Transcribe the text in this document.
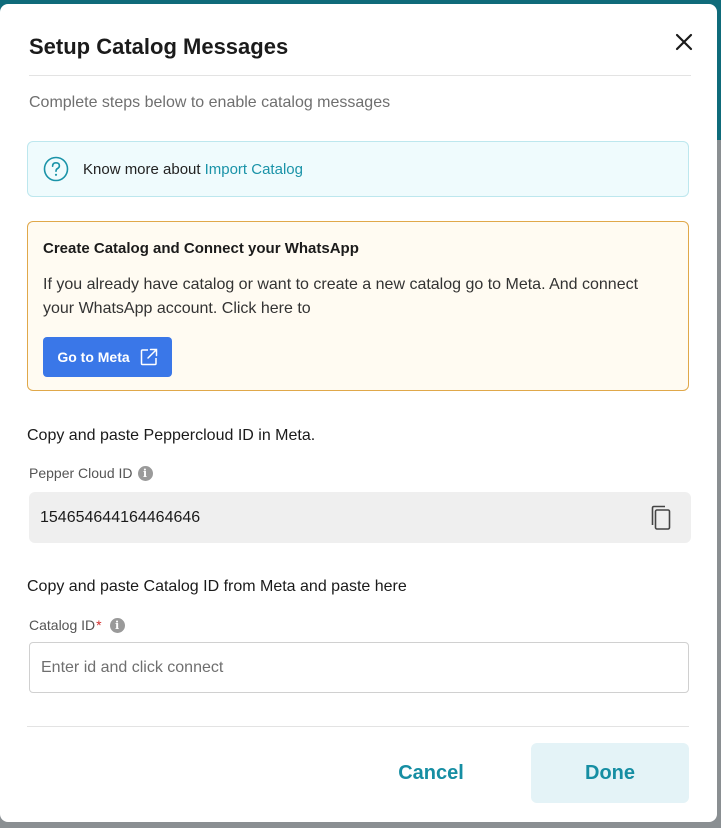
Setup Catalog Messages
Complete steps below to enable catalog messages
Know more about Import Catalog
Create Catalog and Connect your WhatsApp
If you already have catalog or want to create a new catalog go to Meta. And connect your WhatsApp account. Click here to
Go to Meta
Copy and paste Peppercloud ID in Meta.
Pepper Cloud ID i
154654644164464646
Copy and paste Catalog ID from Meta and paste here
Catalog ID *	i
Enter id and click connect
Cancel	Done
